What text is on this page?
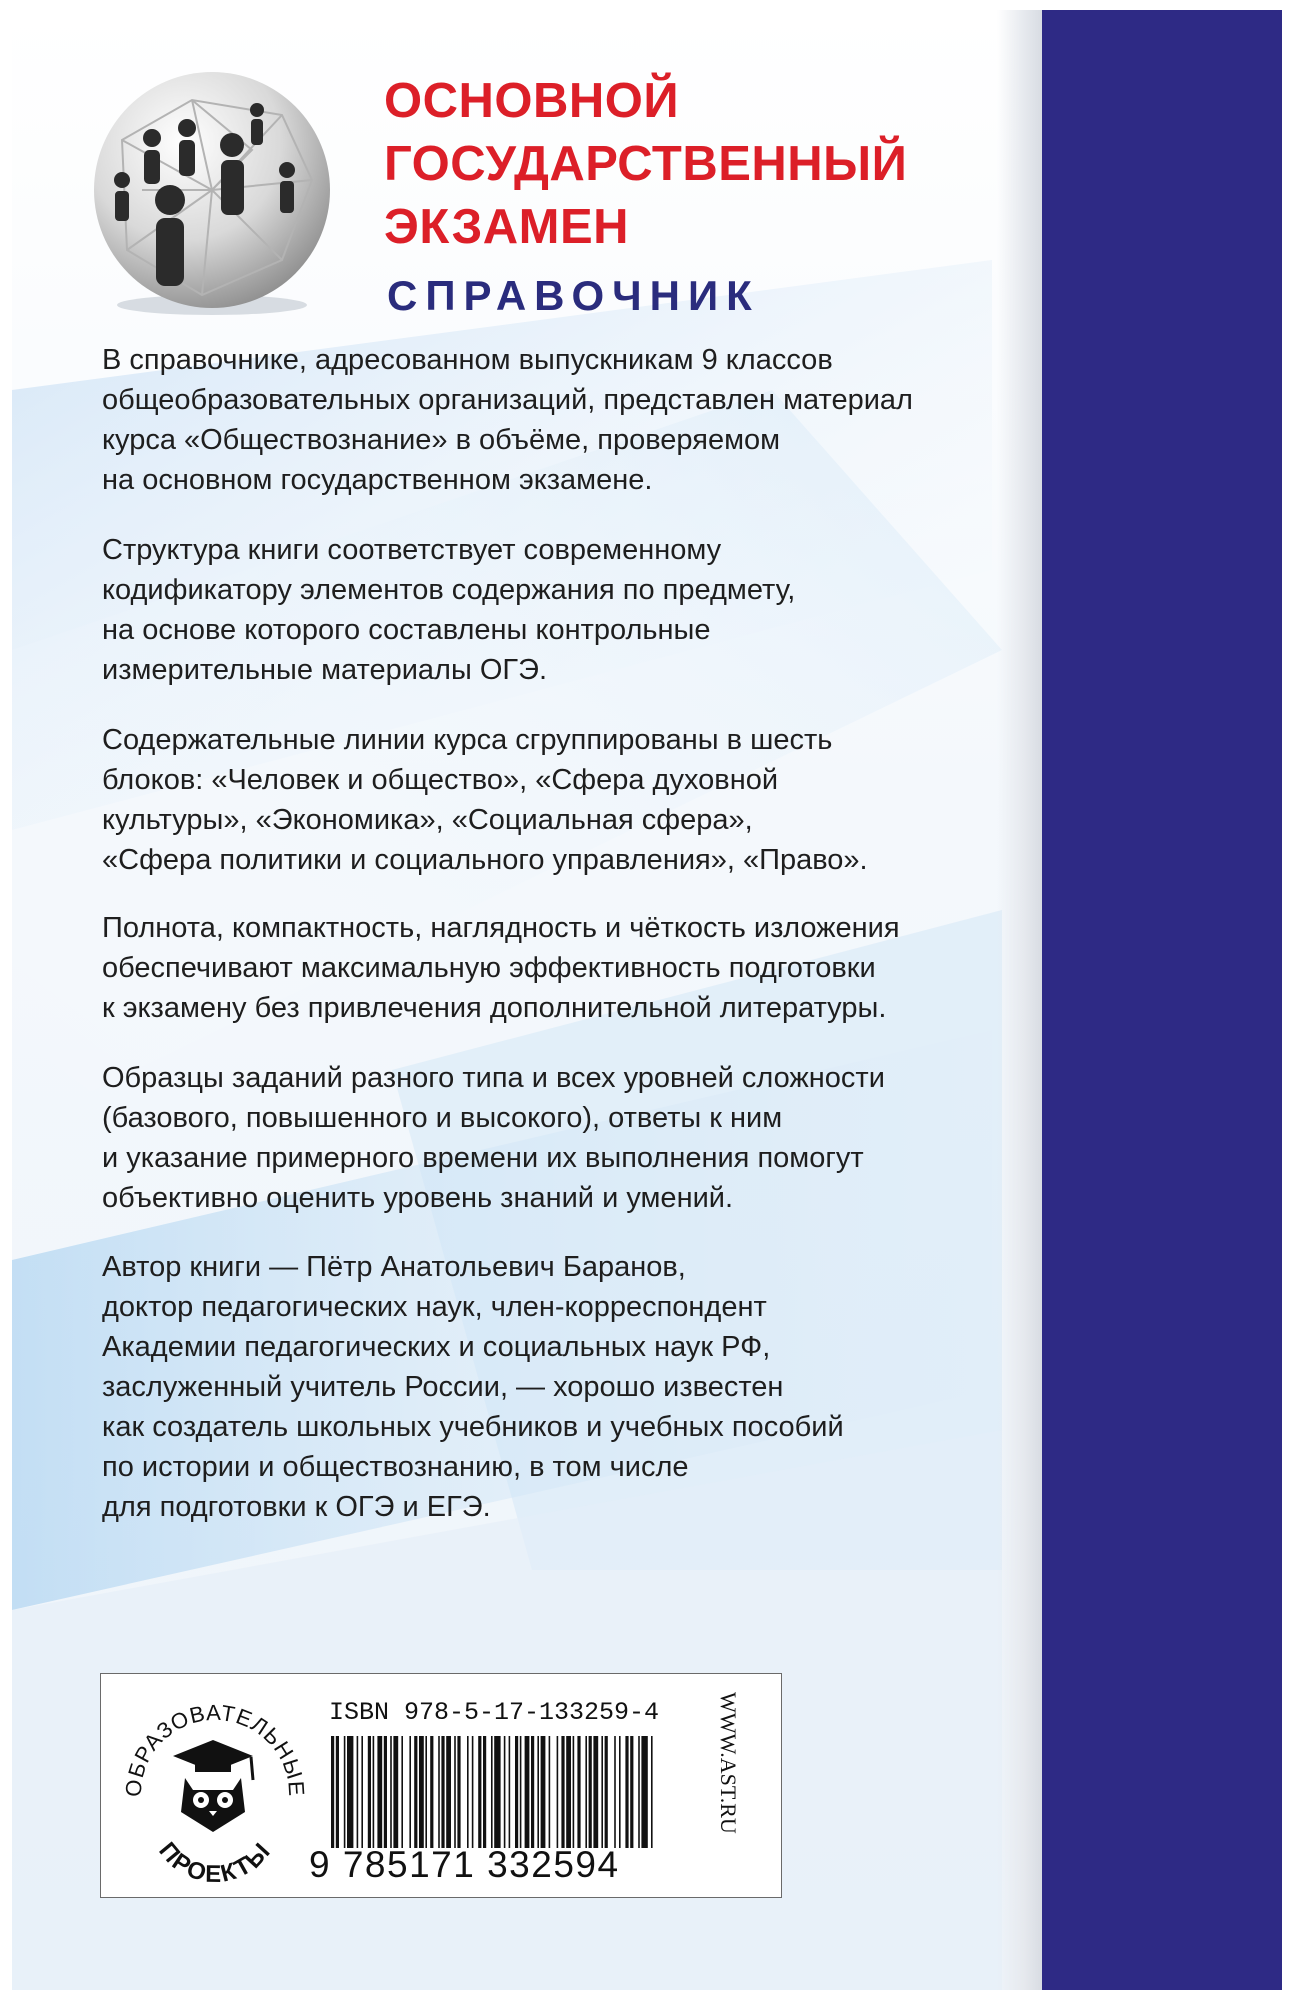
ОСНОВНОЙ
ГОСУДАРСТВЕННЫЙ
ЭКЗАМЕН
СПРАВОЧНИК

В справочнике, адресованном выпускникам 9 классов
общеобразовательных организаций, представлен материал
курса «Обществознание» в объёме, проверяемом
на основном государственном экзамене.

Структура книги соответствует современному
кодификатору элементов содержания по предмету,
на основе которого составлены контрольные
измерительные материалы ОГЭ.

Содержательные линии курса сгруппированы в шесть
блоков: «Человек и общество», «Сфера духовной
культуры», «Экономика», «Социальная сфера»,
«Сфера политики и социального управления», «Право».

Полнота, компактность, наглядность и чёткость изложения
обеспечивают максимальную эффективность подготовки
к экзамену без привлечения дополнительной литературы.

Образцы заданий разного типа и всех уровней сложности
(базового, повышенного и высокого), ответы к ним
и указание примерного времени их выполнения помогут
объективно оценить уровень знаний и умений.

Автор книги — Пётр Анатольевич Баранов,
доктор педагогических наук, член-корреспондент
Академии педагогических и социальных наук РФ,
заслуженный учитель России, — хорошо известен
как создатель школьных учебников и учебных пособий
по истории и обществознанию, в том числе
для подготовки к ОГЭ и ЕГЭ.

ОБРАЗОВАТЕЛЬНЫЕ
ПРОЕКТЫ
ISBN 978-5-17-133259-4
9 785171 332594
WWW.AST.RU
